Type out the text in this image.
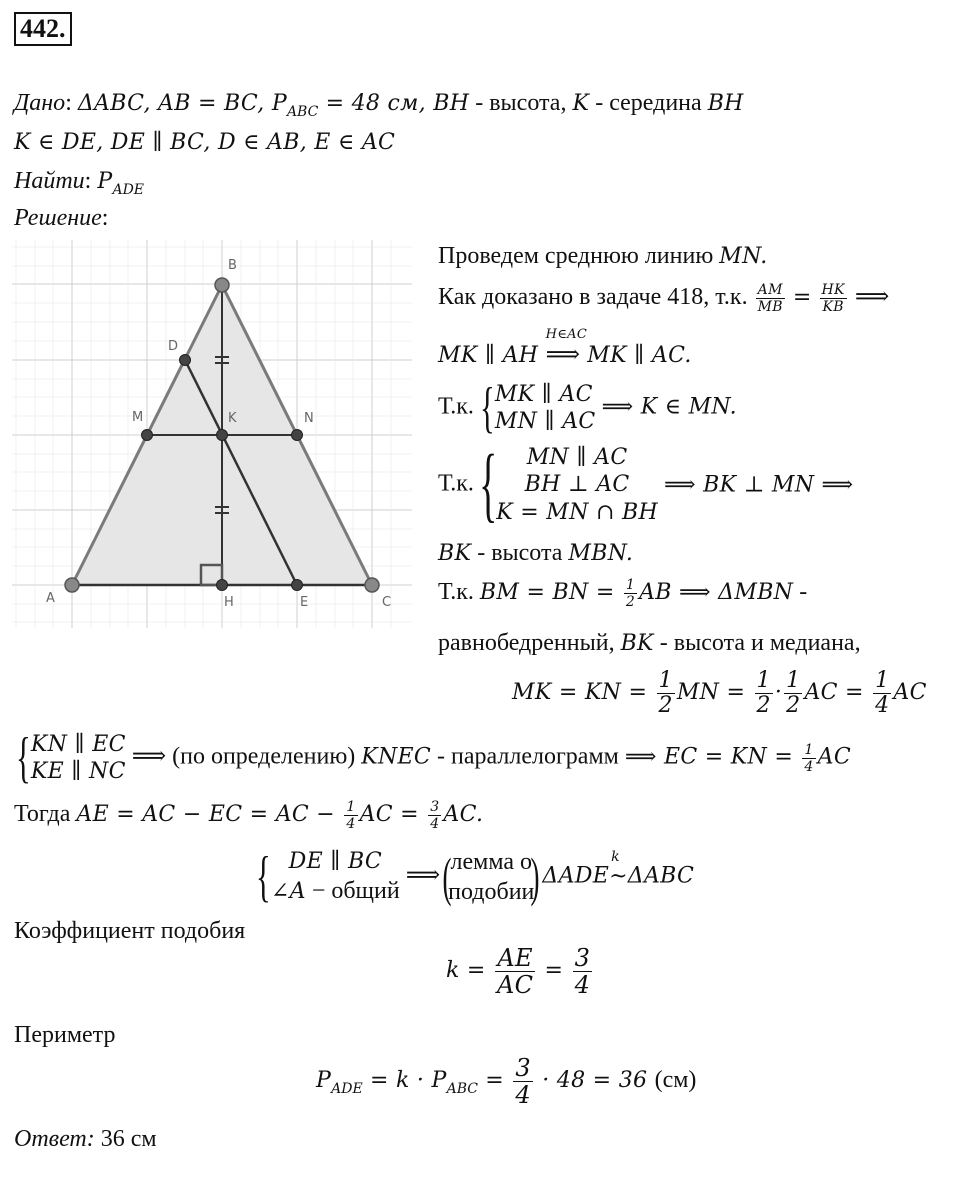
442.
Дано: ΔABC, AB = BC, $P_{ABC} = 48$ см, BH - высота, K - середина BH
K ∈ DE, DE ∥ BC, D ∈ AB, E ∈ AC
Найти: $P_{ADE}$
Решение:
A
B
C
D
E
H
K
M	N
Проведем среднюю линию MN.
Как доказано в задаче 418, т.к. $\frac{AM}{MB} = \frac{HK}{KB}$ ⟹
MK ∥ AH
H∈AC
⟹ MK ∥ AC.
Т.к. { MK ∥ AC
MN ∥ AC
⟹ K ∈ MN.
Т.к. {	MN ∥ AC
BH ⊥ AC
K = MN ∩ BH
⟹ BK ⊥ MN ⟹
BK - высота MBN.
Т.к. BM = BN = $\frac{1}{2}$ AB ⟹ ΔMBN -
равнобедренный, BK - высота и медиана,
MK = KN = $\frac{1}{2}$ MN = $\frac{1}{2} \cdot \frac{1}{2}$ AC = $\frac{1}{4}$ AC
{ KN ∥ EC
KE ∥ NC
⟹ (по определению) KNEC - параллелограмм ⟹ EC = KN = $\frac{1}{4}$ AC
Тогда AE = AC − EC = AC − $\frac{1}{4}$ AC = $\frac{3}{4}$ AC.
{ DE ∥ BC
∠A − общий
⟹ (
лемма о
подобии
) ΔADE
k
~ΔABC
Коэффициент подобия
$k = \frac{AE}{AC} = \frac{3}{4}$
Периметр
$P_{ADE} = k \cdot P_{ABC} = \frac{3}{4} \cdot 48 = 36$ (см)
Ответ: 36 см
